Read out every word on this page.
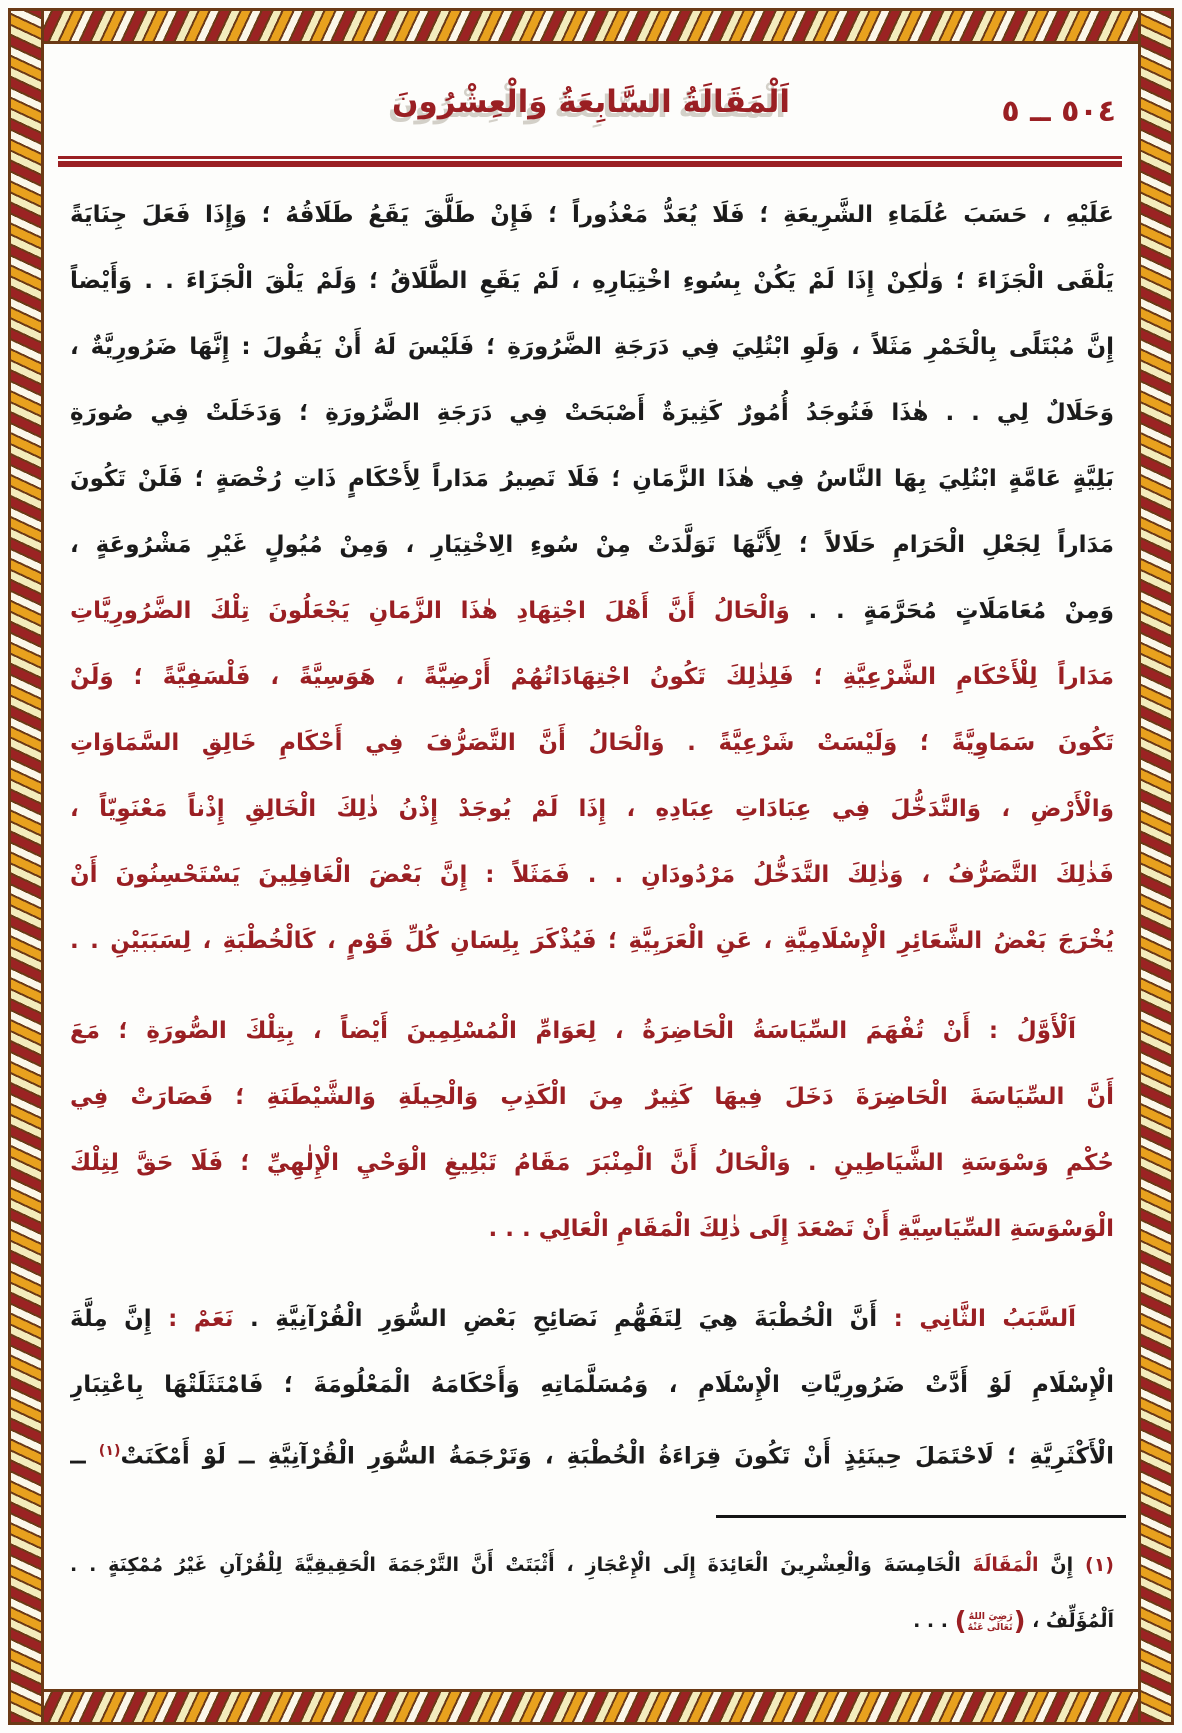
٥٠٤ ــ ٥
اَلْمَقَالَةُ السَّابِعَةُ وَالْعِشْرُونَ
عَلَيْهِ ، حَسَبَ عُلَمَاءِ الشَّرِيعَةِ ؛ فَلَا يُعَدُّ مَعْذُوراً ؛ فَإِنْ طَلَّقَ يَقَعُ طَلَاقُهُ ؛ وَإِذَا فَعَلَ جِنَايَةً
يَلْقَى الْجَزَاءَ ؛ وَلٰكِنْ إِذَا لَمْ يَكُنْ بِسُوءِ اخْتِيَارِهِ ، لَمْ يَقَعِ الطَّلَاقُ ؛ وَلَمْ يَلْقَ الْجَزَاءَ . . وَأَيْضاً
إِنَّ مُبْتَلًى بِالْخَمْرِ مَثَلاً ، وَلَوِ ابْتُلِيَ فِي دَرَجَةِ الضَّرُورَةِ ؛ فَلَيْسَ لَهُ أَنْ يَقُولَ : إِنَّهَا ضَرُورِيَّةٌ ،
وَحَلَالٌ لِي . . هٰذَا فَتُوجَدُ أُمُورٌ كَثِيرَةٌ أَصْبَحَتْ فِي دَرَجَةِ الضَّرُورَةِ ؛ وَدَخَلَتْ فِي صُورَةِ
بَلِيَّةٍ عَامَّةٍ ابْتُلِيَ بِهَا النَّاسُ فِي هٰذَا الزَّمَانِ ؛ فَلَا تَصِيرُ مَدَاراً لِأَحْكَامٍ ذَاتِ رُخْصَةٍ ؛ فَلَنْ تَكُونَ
مَدَاراً لِجَعْلِ الْحَرَامِ حَلَالاً ؛ لِأَنَّهَا تَوَلَّدَتْ مِنْ سُوءِ الِاخْتِيَارِ ، وَمِنْ مُيُولٍ غَيْرِ مَشْرُوعَةٍ ،
وَمِنْ مُعَامَلَاتٍ مُحَرَّمَةٍ . . وَالْحَالُ أَنَّ أَهْلَ اجْتِهَادِ هٰذَا الزَّمَانِ يَجْعَلُونَ تِلْكَ الضَّرُورِيَّاتِ
مَدَاراً لِلْأَحْكَامِ الشَّرْعِيَّةِ ؛ فَلِذٰلِكَ تَكُونُ اجْتِهَادَاتُهُمْ أَرْضِيَّةً ، هَوَسِيَّةً ، فَلْسَفِيَّةً ؛ وَلَنْ
تَكُونَ سَمَاوِيَّةً ؛ وَلَيْسَتْ شَرْعِيَّةً . وَالْحَالُ أَنَّ التَّصَرُّفَ فِي أَحْكَامِ خَالِقِ السَّمَاوَاتِ
وَالْأَرْضِ ، وَالتَّدَخُّلَ فِي عِبَادَاتِ عِبَادِهِ ، إِذَا لَمْ يُوجَدْ إِذْنُ ذٰلِكَ الْخَالِقِ إِذْناً مَعْنَوِيّاً ،
فَذٰلِكَ التَّصَرُّفُ ، وَذٰلِكَ التَّدَخُّلُ مَرْدُودَانِ . . فَمَثَلاً : إِنَّ بَعْضَ الْغَافِلِينَ يَسْتَحْسِنُونَ أَنْ
يُخْرَجَ بَعْضُ الشَّعَائِرِ الْإِسْلَامِيَّةِ ، عَنِ الْعَرَبِيَّةِ ؛ فَيُذْكَرَ بِلِسَانِ كُلِّ قَوْمٍ ، كَالْخُطْبَةِ ، لِسَبَبَيْنِ . .
اَلْأَوَّلُ : أَنْ تُفْهَمَ السِّيَاسَةُ الْحَاضِرَةُ ، لِعَوَامِّ الْمُسْلِمِينَ أَيْضاً ، بِتِلْكَ الصُّورَةِ ؛ مَعَ
أَنَّ السِّيَاسَةَ الْحَاضِرَةَ دَخَلَ فِيهَا كَثِيرٌ مِنَ الْكَذِبِ وَالْحِيلَةِ وَالشَّيْطَنَةِ ؛ فَصَارَتْ فِي
حُكْمِ وَسْوَسَةِ الشَّيَاطِينِ . وَالْحَالُ أَنَّ الْمِنْبَرَ مَقَامُ تَبْلِيغِ الْوَحْيِ الْإِلٰهِيِّ ؛ فَلَا حَقَّ لِتِلْكَ
الْوَسْوَسَةِ السِّيَاسِيَّةِ أَنْ تَصْعَدَ إِلَى ذٰلِكَ الْمَقَامِ الْعَالِي . . .
اَلسَّبَبُ الثَّانِي : أَنَّ الْخُطْبَةَ هِيَ لِتَفَهُّمِ نَصَائِحِ بَعْضِ السُّوَرِ الْقُرْآنِيَّةِ . نَعَمْ : إِنَّ مِلَّةَ
الْإِسْلَامِ لَوْ أَدَّتْ ضَرُورِيَّاتِ الْإِسْلَامِ ، وَمُسَلَّمَاتِهِ وَأَحْكَامَهُ الْمَعْلُومَةَ ؛ فَامْتَثَلَتْهَا بِاعْتِبَارِ
الْأَكْثَرِيَّةِ ؛ لَاحْتَمَلَ حِينَئِذٍ أَنْ تَكُونَ قِرَاءَةُ الْخُطْبَةِ ، وَتَرْجَمَةُ السُّوَرِ الْقُرْآنِيَّةِ ــ لَوْ أَمْكَنَتْ$^{(١)}$ ــ
(١) إِنَّ الْمَقَالَةَ الْخَامِسَةَ وَالْعِشْرِينَ الْعَائِدَةَ إِلَى الْإِعْجَازِ ، أَثْبَتَتْ أَنَّ التَّرْجَمَةَ الْحَقِيقِيَّةَ لِلْقُرْآنِ غَيْرُ مُمْكِنَةٍ . .
اَلْمُؤَلِّفُ ، (
رَضِيَ اللهُ
تَعَالَى عَنْهُ
) . . .
